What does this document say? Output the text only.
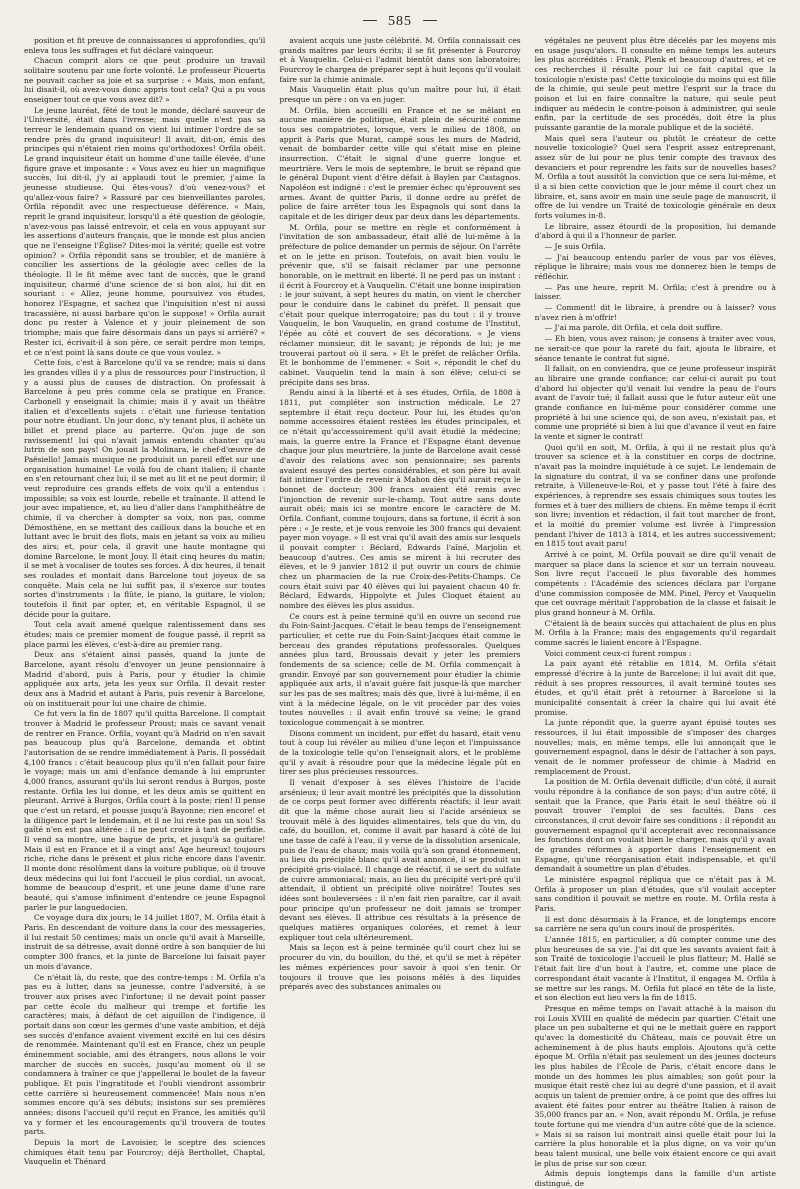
585

position et fit preuve de connaissances si approfondies, qu'il enleva tous les suffrages et fut déclaré vainqueur.

Chacun comprit alors ce que peut produire un travail solitaire soutenu par une forte volonté. Le professeur Picuerta ne pouvait cacher sa joie et sa surprise : « Mais, mon enfant, lui disait-il, où avez-vous donc appris tout cela? Qui a pu vous enseigner tout ce que vous avez dit? »

Le jeune lauréat, fêté de tout le monde, déclaré sauveur de l'Université, était dans l'ivresse; mais quelle n'est pas sa terreur le lendemain quand on vient lui intimer l'ordre de se rendre près du grand inquisiteur! Il avait, dit-on, émis des principes qui n'étaient rien moins qu'orthodoxes! Orfila obéit. Le grand inquisiteur était un homme d'une taille élevée, d'une figure grave et imposante : « Vous avez eu hier un magnifique succès, lui dit-il, j'y ai applaudi tout le premier, j'aime la jeunesse studieuse. Qui êtes-vous? d'où venez-vous? et qu'allez-vous faire? » Rassuré par ces bienveillantes paroles, Orfila répondit avec une respectueuse déférence. « Mais, reprit le grand inquisiteur, lorsqu'il a été question de géologie, n'avez-vous pas laissé entrevoir, et cela en vous appuyant sur les assertions d'auteurs français, que le monde est plus ancien que ne l'enseigne l'Église? Dites-moi la vérité; quelle est votre opinion? » Orfila répondit sans se troubler, et de manière à concilier les assertions de la géologie avec celles de la théologie. Il le fit même avec tant de succès, que le grand inquisiteur, charmé d'une science de si bon aloi, lui dit en souriant : « Allez, jeune homme, poursuivez vos études, honorez l'Espagne, et sachez que l'inquisition n'est ni aussi tracassière, ni aussi barbare qu'on le suppose! » Orfila aurait donc pu rester à Valence et y jouir pleinement de son triomphe; mais que faire désormais dans un pays si arriéré? « Rester ici, écrivait-il à son père, ce serait perdre mon temps, et ce n'est point là sans doute ce que vous voulez. »

Cette fois, c'est à Barcelone qu'il va se rendre; mais si dans les grandes villes il y a plus de ressources pour l'instruction, il y a aussi plus de causes de distraction. On professait à Barcelone à peu près comme cela se pratique en France. Carbonell y enseignait la chimie; mais il y avait un théâtre italien et d'excellents sujets : c'était une furieuse tentation pour notre étudiant. Un jour donc, n'y tenant plus, il achète un billet et prend place au parterre. Qu'on juge de son ravissement! lui qui n'avait jamais entendu chanter qu'au lutrin de son pays! On jouait la Molinara, le chef-d'œuvre de Paësiello! Jamais musique ne produisit un pareil effet sur une organisation humaine! Le voilà fou de chant italien; il chante en s'en retournant chez lui; il se met au lit et ne peut dormir; il veut reproduire ces grands effets de voix qu'il a entendus : impossible; sa voix est lourde, rebelle et traînante. Il attend le jour avec impatience, et, au lieu d'aller dans l'amphithéâtre de chimie, il va chercher à dompter sa voix, non pas, comme Démosthène, en se mettant des cailloux dans la bouche et en luttant avec le bruit des flots, mais en jetant sa voix au milieu des airs; et, pour cela, il gravit une haute montagne qui domine Barcelone, le mont Jouy. Il était cinq heures du matin; il se met à vocaliser de toutes ses forces. À dix heures, il tenait ses roulades et montait dans Barcelone tout joyeux de sa conquête. Mais cela ne lui suffit pas, il s'exerce sur toutes sortes d'instruments : la flûte, le piano, la guitare, le violon; toutefois il finit par opter, et, en véritable Espagnol, il se décide pour la guitare.

Tout cela avait amené quelque ralentissement dans ses études; mais ce premier moment de fougue passé, il reprit sa place parmi les élèves, c'est-à-dire au premier rang.

Deux ans s'étaient ainsi passés, quand la junte de Barcelone, ayant résolu d'envoyer un jeune pensionnaire à Madrid d'abord, puis à Paris, pour y étudier la chimie appliquée aux arts, jeta les yeux sur Orfila. Il devait rester deux ans à Madrid et autant à Paris, puis revenir à Barcelone, où on instituerait pour lui une chaire de chimie.

Ce fut vers la fin de 1807 qu'il quitta Barcelone. Il comptait trouver à Madrid le professeur Proust; mais ce savant venait de rentrer en France. Orfila, voyant qu'à Madrid on n'en savait pas beaucoup plus qu'à Barcelone, demanda et obtint l'autorisation de se rendre immédiatement à Paris. Il possédait 4,100 francs : c'était beaucoup plus qu'il n'en fallait pour faire le voyage; mais un ami d'enfance demande à lui emprunter 4,000 francs, assurant qu'ils lui seront rendus à Burgos, poste restante. Orfila les lui donne, et les deux amis se quittent en pleurant. Arrivé à Burgos, Orfila court à la poste; rien! Il pense que c'est un retard, et pousse jusqu'à Bayonne; rien encore! et la diligence part le lendemain, et il ne lui reste pas un sou! Sa gaîté n'en est pas altérée : il ne peut croire à tant de perfidie. Il vend sa montre, une bague de prix, et jusqu'à sa guitare! Mais il est en France et il a vingt ans! Age heureux! toujours riche, riche dans le présent et plus riche encore dans l'avenir. Il monte donc résolûment dans la voiture publique, où il trouve deux médecins qui lui font l'accueil le plus cordial, un avocat, homme de beaucoup d'esprit, et une jeune dame d'une rare beauté, qui s'amuse infiniment d'entendre ce jeune Espagnol parler le pur languedocien.

Ce voyage dura dix jours; le 14 juillet 1807, M. Orfila était à Paris. En descendant de voiture dans la cour des messageries, il lui restait 50 centimes; mais un oncle qu'il avait à Marseille, instruit de sa détresse, avait donné ordre à son banquier de lui compter 300 francs, et la junte de Barcelone lui faisait payer un mois d'avance.

Ce n'était là, du reste, que des contre-temps : M. Orfila n'a pas eu à lutter, dans sa jeunesse, contre l'adversité, à se trouver aux prises avec l'infortune; il ne devait point passer par cette école du malheur qui trempe et fortifie les caractères; mais, à défaut de cet aiguillon de l'indigence, il portait dans son cœur les germes d'une vaste ambition, et déjà ses succès d'enfance avaient vivement excité en lui ces désirs de renommée. Maintenant qu'il est en France, chez un peuple éminemment sociable, ami des étrangers, nous allons le voir marcher de succès en succès, jusqu'au moment où il se condamnera à traîner ce que j'appellerai le boulet de la faveur publique. Et puis l'ingratitude et l'oubli viendront assombrir cette carrière si heureusement commencée! Mais nous n'en sommes encore qu'à ses débuts; insistons sur ses premières années; disons l'accueil qu'il reçut en France, les amitiés qu'il va y former et les encouragements qu'il trouvera de toutes parts.

Depuis la mort de Lavoisier, le sceptre des sciences chimiques était tenu par Fourcroy; déjà Berthollet, Chaptal, Vauquelin et Thénard

avaient acquis une juste célébrité. M. Orfila connaissait ces grands maîtres par leurs écrits; il se fit présenter à Fourcroy et à Vauquelin. Celui-ci l'admit bientôt dans son laboratoire; Fourcroy le chargea de préparer sept à huit leçons qu'il voulait faire sur la chimie animale.

Mais Vauquelin était plus qu'un maître pour lui, il était presque un père : on va en juger.

M. Orfila, bien accueilli en France et ne se mêlant en aucune manière de politique, était plein de sécurité comme tous ses compatriotes, lorsque, vers le milieu de 1808, on apprit à Paris que Murat, campé sous les murs de Madrid, venait de bombarder cette ville qui s'était mise en pleine insurrection. C'était le signal d'une guerre longue et meurtrière. Vers le mois de septembre, le bruit se répand que le général Dupont vient d'être défait à Baylen par Castagnos. Napoléon est indigné : c'est le premier échec qu'éprouvent ses armes. Avant de quitter Paris, il donne ordre au préfet de police de faire arrêter tous les Espagnols qui sont dans la capitale et de les diriger deux par deux dans les départements.

M. Orfila, pour se mettre en règle et conformément à l'invitation de son ambassadeur, était allé de lui-même à la préfecture de police demander un permis de séjour. On l'arrête et on le jette en prison. Toutefois, on avait bien voulu le prévenir que, s'il se faisait réclamer par une personne honorable, on le mettrait en liberté. Il ne perd pas un instant : il écrit à Fourcroy et à Vauquelin. C'était une bonne inspiration : le jour suivant, à sept heures du matin, on vient le chercher pour le conduire dans le cabinet du préfet. Il pensait que c'était pour quelque interrogatoire; pas du tout : il y trouve Vauquelin, le bon Vauquelin, en grand costume de l'Institut, l'épée au côté et couvert de ses décorations. « Je viens réclamer monsieur, dit le savant; je réponds de lui; je me trouverai partout où il sera. » Et le préfet de relâcher Orfila. Et le bonhomme de l'emmener. « Soit », répondit le chef du cabinet. Vauquelin tend la main à son élève; celui-ci se précipite dans ses bras.

Rendu ainsi à la liberté et à ses études, Orfila, de 1808 à 1811, put compléter son instruction médicale. Le 27 septembre il était reçu docteur. Pour lui, les études qu'on nomme accessoires étaient restées les études principales, et ce n'était qu'accessoirement qu'il avait étudié la médecine; mais, la guerre entre la France et l'Espagne étant devenue chaque jour plus meurtrière, la junte de Barcelone avait cessé d'avoir des relations avec son pensionnaire; ses parents avaient essuyé des pertes considérables, et son père lui avait fait intimer l'ordre de revenir à Mahon dès qu'il aurait reçu le bonnet de docteur; 300 francs avaient été remis avec l'injonction de revenir sur-le-champ. Tout autre sans doute aurait obéi; mais ici se montre encore le caractère de M. Orfila. Confiant, comme toujours, dans sa fortune, il écrit à son père : « Je reste, et je vous renvoie les 300 francs qui devaient payer mon voyage. » Il est vrai qu'il avait des amis sur lesquels il pouvait compter : Béclard, Edwards l'aîné, Marjolin et beaucoup d'autres. Ces amis se mirent à lui recruter des élèves, et le 9 janvier 1812 il put ouvrir un cours de chimie chez un pharmacien de la rue Croix-des-Petits-Champs. Ce cours était suivi par 40 élèves qui lui payaient chacun 40 fr. Béclard, Edwards, Hippolyte et Jules Cloquet étaient au nombre des élèves les plus assidus.

Ce cours est à peine terminé qu'il en ouvre un second rue du Foin-Saint-Jacques. C'était le beau temps de l'enseignement particulier, et cette rue du Foin-Saint-Jacques était comme le berceau des grandes réputations professorales. Quelques années plus tard, Broussais devait y jeter les premiers fondements de sa science; celle de M. Orfila commençait à grandir. Envoyé par son gouvernement pour étudier la chimie appliquée aux arts, il n'avait guère fait jusque-là que marcher sur les pas de ses maîtres; mais dès que, livré à lui-même, il en vint à la médecine légale, on le vit procéder par des voies toutes nouvelles : il avait enfin trouvé sa veine; le grand toxicologue commençait à se montrer.

Disons comment un incident, pur effet du hasard, était venu tout à coup lui révéler au milieu d'une leçon et l'impuissance de la toxicologie telle qu'on l'enseignait alors, et le problème qu'il y avait à résoudre pour que la médecine légale pût en tirer ses plus précieuses ressources.

Il venait d'exposer à ses élèves l'histoire de l'acide arsénieux; il leur avait montré les précipités que la dissolution de ce corps peut former avec différents réactifs; il leur avait dit que la même chose aurait lieu si l'acide arsénieux se trouvait mêlé à des liquides alimentaires, tels que du vin, du café, du bouillon, et, comme il avait par hasard à côté de lui une tasse de café à l'eau, il y verse de la dissolution arsenicale, puis de l'eau de chaux; mais voilà qu'à son grand étonnement, au lieu du précipité blanc qu'il avait annoncé, il se produit un précipité gris-violacé. Il change de réactif, il se sert du sulfate de cuivre ammoniacal; mais, au lieu du précipité vert-pré qu'il attendait, il obtient un précipité olive noirâtre! Toutes ses idées sont bouleversées : il n'en fait rien paraître, car il avait pour principe qu'un professeur ne doit jamais se tromper devant ses élèves. Il attribue ces résultats à la présence de quelques matières organiques colorées, et remet à leur expliquer tout cela ultérieurement.

Mais sa leçon est à peine terminée qu'il court chez lui se procurer du vin, du bouillon, du thé, et qu'il se met à répéter les mêmes expériences pour savoir à quoi s'en tenir. Or toujours il trouve que les poisons mêlés à des liquides préparés avec des substances animales ou

végétales ne peuvent plus être décelés par les moyens mis en usage jusqu'alors. Il consulte en même temps les auteurs les plus accrédités : Frank, Plenk et beaucoup d'autres, et ce ces recherches il résulte pour lui ce fait capital que la toxicologie n'existe pas! Cette toxicologie du moins qui est fille de la chimie, qui seule peut mettre l'esprit sur la trace du poison et lui en faire connaître la nature, qui seule peut indiquer au médecin le contre-poison à administrer, qui seule enfin, par la certitude de ses procédés, doit être la plus puissante garantie de la morale publique et de la société.

Mais quel sera l'auteur ou plutôt le créateur de cette nouvelle toxicologie? Quel sera l'esprit assez entreprenant, assez sûr de lui pour ne plus tenir compte des travaux des devanciers et pour reprendre les faits sur de nouvelles bases? M. Orfila a tout aussitôt la conviction que ce sera lui-même, et il a si bien cette conviction que le jour même il court chez un libraire, et, sans avoir en main une seule page de manuscrit, il offre de lui vendre un Traité de toxicologie générale en deux forts volumes in-8.

Le libraire, assez étourdi de la proposition, lui demande d'abord à qui il a l'honneur de parler.

— Je suis Orfila.

— J'ai beaucoup entendu parler de vous par vos élèves, réplique le libraire; mais vous me donnerez bien le temps de réfléchir.

— Pas une heure, reprit M. Orfila; c'est à prendre ou à laisser.

— Comment! dit le libraire, à prendre ou à laisser? vous n'avez rien à m'offrir!

— J'ai ma parole, dit Orfila, et cela doit suffire.

— Eh bien, vous avez raison; je consens à traiter avec vous, ne serait-ce que pour la rareté du fait, ajouta le libraire, et séance tenante le contrat fut signé.

Il fallait, on en conviendra, que ce jeune professeur inspirât au libraire une grande confiance; car celui-ci aurait pu tout d'abord lui objecter qu'il venait lui vendre la peau de l'ours avant de l'avoir tué; il fallait aussi que le futur auteur eût une grande confiance en lui-même pour considérer comme une propriété à lui une science qui, de son aveu, n'existait pas, et comme une propriété si bien à lui que d'avance il veut en faire la vente et signer le contrat!

Quoi qu'il en soit, M. Orfila, à qui il ne restait plus qu'à trouver sa science et à la constituer en corps de doctrine, n'avait pas la moindre inquiétude à ce sujet. Le lendemain de la signature du contrat, il va se confiner dans une profonde retraite, à Villeneuve-le-Roi, et y passe tout l'été à faire des expériences, à reprendre ses essais chimiques sous toutes les formes et à tuer des milliers de chiens. En même temps il écrit son livre; invention et rédaction, il fait tout marcher de front, et la moitié du premier volume est livrée à l'impression pendant l'hiver de 1813 à 1814, et les autres successivement; en 1815 tout avait paru!

Arrivé à ce point, M. Orfila pouvait se dire qu'il venait de marquer sa place dans la science et sur un terrain nouveau. Son livre reçut l'accueil le plus favorable des hommes compétents : l'Académie des sciences déclara par l'organe d'une commission composée de MM. Pinel, Percy et Vauquelin que cet ouvrage méritait l'approbation de la classe et faisait le plus grand honneur à M. Orfila.

C'étaient là de beaux succès qui attachaient de plus en plus M. Orfila à la France; mais des engagements qu'il regardait comme sacrés le liaient encore à l'Espagne.

Voici comment ceux-ci furent rompus :

La paix ayant été rétablie en 1814, M. Orfila s'était empressé d'écrire à la junte de Barcelone; il lui avait dit que, réduit à ses propres ressources, il avait terminé toutes ses études, et qu'il était prêt à retourner à Barcelone si la municipalité consentait à créer la chaire qui lui avait été promise.

La junte répondit que, la guerre ayant épuisé toutes ses ressources, il lui était impossible de s'imposer des charges nouvelles; mais, en même temps, elle lui annonçait que le gouvernement espagnol, dans le désir de l'attacher à son pays, venait de le nommer professeur de chimie à Madrid en remplacement de Proust.

La position de M. Orfila devenait difficile; d'un côté, il aurait voulu répondre à la confiance de son pays; d'un autre côté, il sentait que la France, que Paris était le seul théâtre où il pouvait trouver l'emploi de ses facultés. Dans ces circonstances, il crut devoir faire ses conditions : il répondit au gouvernement espagnol qu'il accepterait avec reconnaissance les fonctions dont on voulait bien le charger, mais qu'il y avait de grandes réformes à apporter dans l'enseignement en Espagne, qu'une réorganisation était indispensable, et qu'il demandait à soumettre un plan d'études.

Le ministère espagnol répliqua que ce n'était pas à M. Orfila à proposer un plan d'études, que s'il voulait accepter sans condition il pouvait se mettre en route. M. Orfila resta à Paris.

Il est donc désormais à la France, et de longtemps encore sa carrière ne sera qu'un cours inouï de prospérités.

L'année 1815, en particulier, a dû compter comme une des plus heureuses de sa vie. J'ai dit que les savants avaient fait à son Traité de toxicologie l'accueil le plus flatteur; M. Hallé se l'était fait lire d'un bout à l'autre, et, comme une place de correspondant était vacante à l'Institut, il engagea M. Orfila à se mettre sur les rangs. M. Orfila fut placé en tête de la liste, et son élection eut lieu vers la fin de 1815.

Presque en même temps on l'avait attaché à la maison du roi Louis XVIII en qualité de médecin par quartier. C'était une place un peu subalterne et qui ne le mettait guère en rapport qu'avec la domesticité du Château, mais ce pouvait être un acheminement à de plus hauts emplois. Ajoutons qu'à cette époque M. Orfila n'était pas seulement un des jeunes docteurs les plus habiles de l'École de Paris, c'était encore dans le monde un des hommes les plus aimables; son goût pour la musique était resté chez lui au degré d'une passion, et il avait acquis un talent de premier ordre, à ce point que des offres lui avaient été faites pour entrer au théâtre Italien à raison de 35,000 francs par an. « Non, avait répondu M. Orfila, je refuse toute fortune qui me viendra d'un autre côté que de la science. » Mais si sa raison lui montrait ainsi quelle était pour lui la carrière la plus honorable et la plus digne, on va voir qu'un beau talent musical, une belle voix étaient encore ce qui avait le plus de prise sur son cœur.

Admis depuis longtemps dans la famille d'un artiste distingué, de
